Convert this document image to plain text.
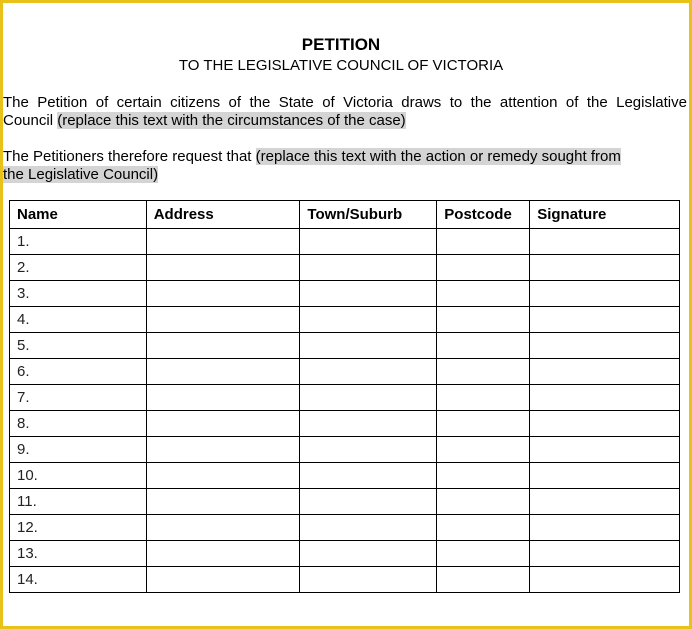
PETITION
TO THE LEGISLATIVE COUNCIL OF VICTORIA
The Petition of certain citizens of the State of Victoria draws to the attention of the Legislative
Council (replace this text with the circumstances of the case)
The Petitioners therefore request that (replace this text with the action or remedy sought from
the Legislative Council)
Name	Address	Town/Suburb	Postcode	Signature
1.				
2.				
3.				
4.				
5.				
6.				
7.				
8.				
9.				
10.				
11.				
12.				
13.				
14.				
